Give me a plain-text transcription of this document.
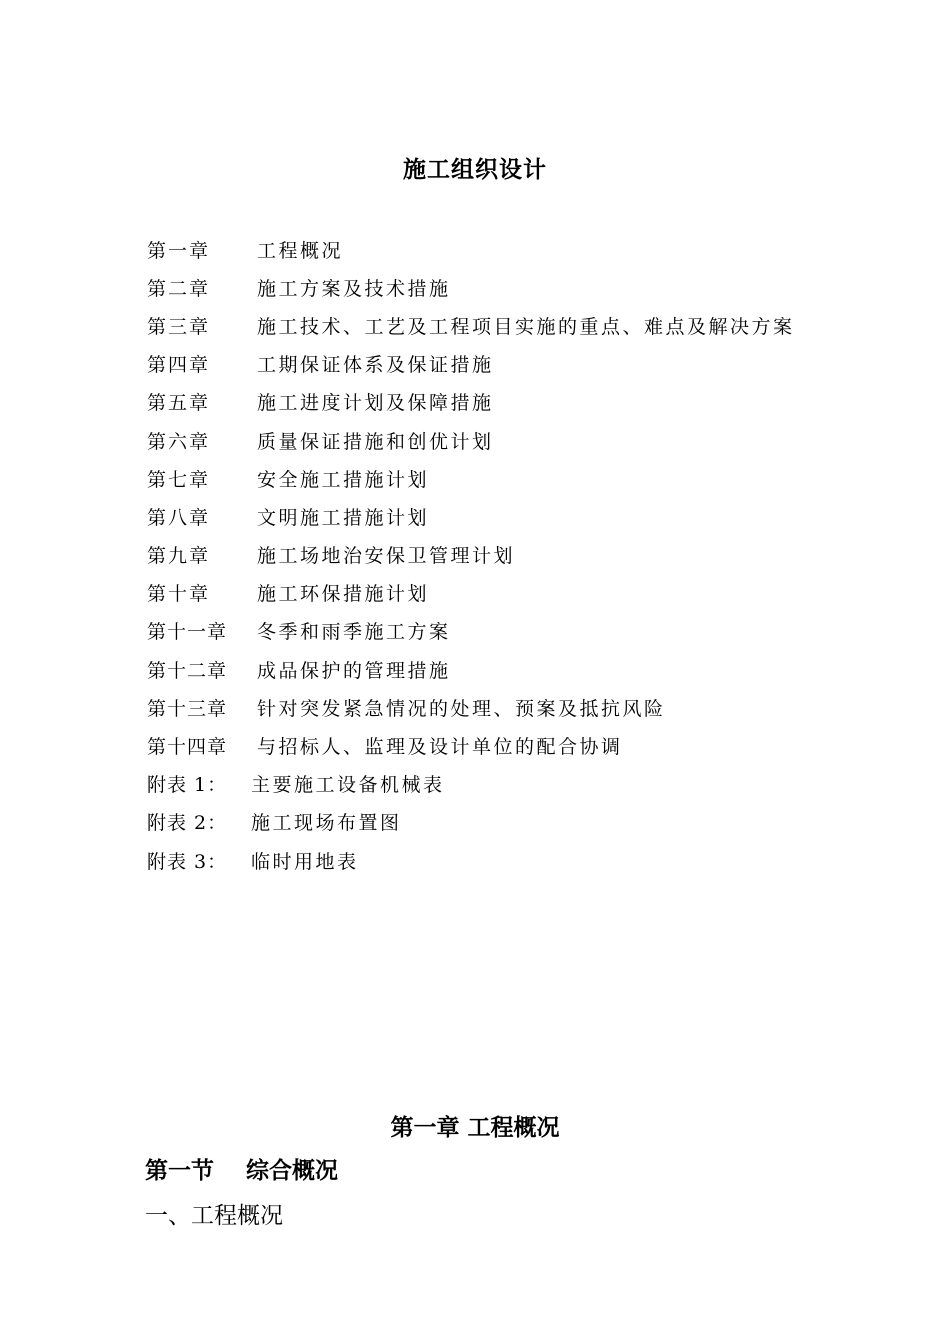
施工组织设计
第一章	工程概况
第二章	施工方案及技术措施
第三章	施工技术、工艺及工程项目实施的重点、难点及解决方案
第四章	工期保证体系及保证措施
第五章	施工进度计划及保障措施
第六章	质量保证措施和创优计划
第七章	安全施工措施计划
第八章	文明施工措施计划
第九章	施工场地治安保卫管理计划
第十章	施工环保措施计划
第十一章	冬季和雨季施工方案
第十二章	成品保护的管理措施
第十三章	针对突发紧急情况的处理、预案及抵抗风险
第十四章	与招标人、监理及设计单位的配合协调
附表 1：	主要施工设备机械表
附表 2：	施工现场布置图
附表 3：	临时用地表
第一章 工程概况
第一节    综合概况
一、工程概况
